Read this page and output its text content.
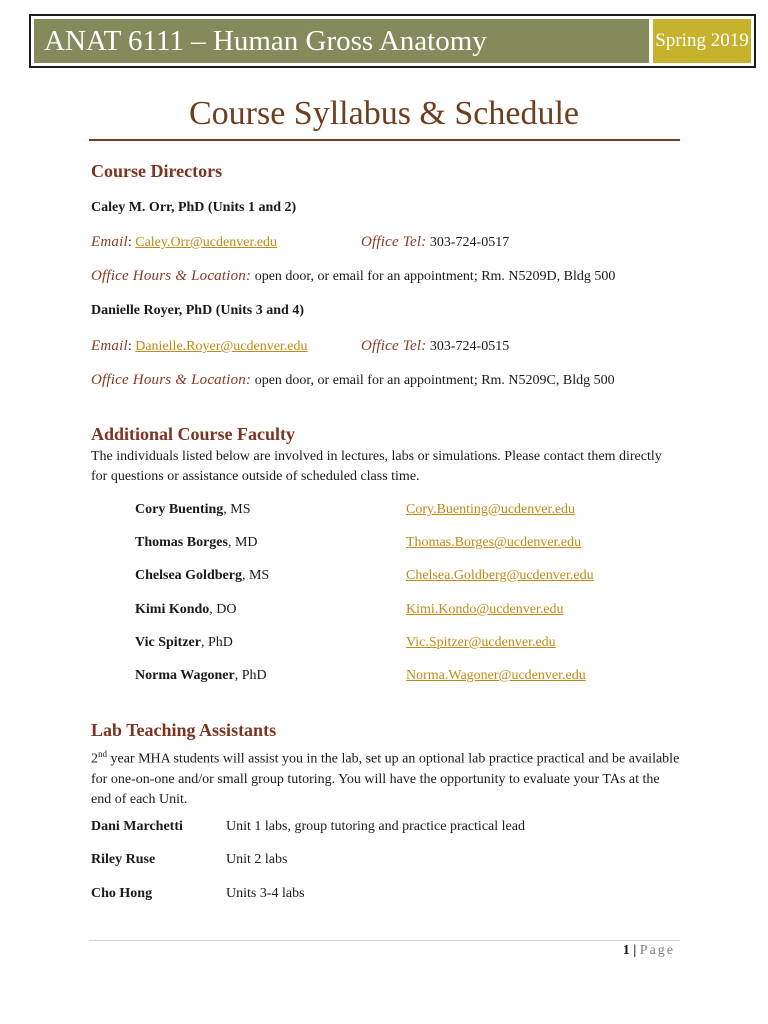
ANAT 6111 – Human Gross Anatomy	Spring 2019
Course Syllabus & Schedule
Course Directors
Caley M. Orr, PhD (Units 1 and 2)
Email: Caley.Orr@ucdenver.edu	Office Tel: 303-724-0517
Office Hours & Location: open door, or email for an appointment; Rm. N5209D, Bldg 500
Danielle Royer, PhD (Units 3 and 4)
Email: Danielle.Royer@ucdenver.edu	Office Tel: 303-724-0515
Office Hours & Location: open door, or email for an appointment; Rm. N5209C, Bldg 500
Additional Course Faculty
The individuals listed below are involved in lectures, labs or simulations. Please contact them directly for questions or assistance outside of scheduled class time.
Cory Buenting, MS	Cory.Buenting@ucdenver.edu
Thomas Borges, MD	Thomas.Borges@ucdenver.edu
Chelsea Goldberg, MS	Chelsea.Goldberg@ucdenver.edu
Kimi Kondo, DO	Kimi.Kondo@ucdenver.edu
Vic Spitzer, PhD	Vic.Spitzer@ucdenver.edu
Norma Wagoner, PhD	Norma.Wagoner@ucdenver.edu
Lab Teaching Assistants
2nd year MHA students will assist you in the lab, set up an optional lab practice practical and be available for one-on-one and/or small group tutoring. You will have the opportunity to evaluate your TAs at the end of each Unit.
Dani Marchetti	Unit 1 labs, group tutoring and practice practical lead
Riley Ruse	Unit 2 labs
Cho Hong	Units 3-4 labs
1 | Page
